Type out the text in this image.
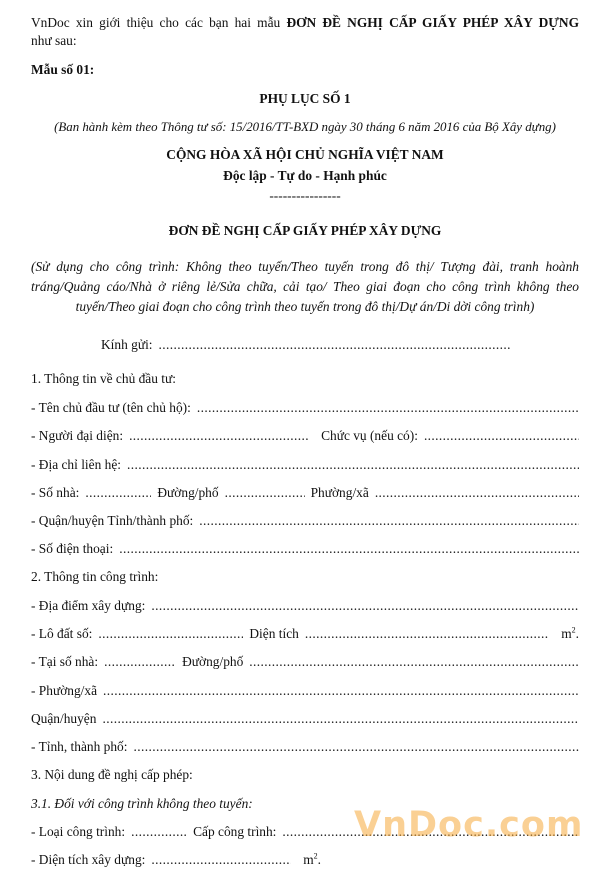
VnDoc xin giới thiệu cho các bạn hai mẫu ĐƠN ĐỀ NGHỊ CẤP GIẤY PHÉP XÂY DỰNG
như sau:
Mẫu số 01:
PHỤ LỤC SỐ 1
(Ban hành kèm theo Thông tư số: 15/2016/TT-BXD ngày 30 tháng 6 năm 2016 của Bộ Xây dựng)
CỘNG HÒA XÃ HỘI CHỦ NGHĨA VIỆT NAM
Độc lập - Tự do - Hạnh phúc
----------------
ĐƠN ĐỀ NGHỊ CẤP GIẤY PHÉP XÂY DỰNG
(Sử dụng cho công trình: Không theo tuyến/Theo tuyến trong đô thị/ Tượng đài, tranh hoành
tráng/Quảng cáo/Nhà ở riêng lẻ/Sửa chữa, cải tạo/ Theo giai đoạn cho công trình không theo
tuyến/Theo giai đoạn cho công trình theo tuyến trong đô thị/Dự án/Di dời công trình)
Kính gửi:
.....
1. Thông tin về chủ đầu tư:
- Tên chủ đầu tư (tên chủ hộ):
.....
- Người đại diện: .....	Chức vụ (nếu có):
.....
- Địa chỉ liên hệ:
.....
- Số nhà: .....	Đường/phố .....	Phường/xã
.....
- Quận/huyện Tỉnh/thành phố:
.....
- Số điện thoại:
.....
2. Thông tin công trình:
- Địa điểm xây dựng:
.....
- Lô đất số: .....	Diện tích .....	$m^2$.
- Tại số nhà: .....	Đường/phố
.....
- Phường/xã
.....
Quận/huyện
.....
- Tỉnh, thành phố:
.....
3. Nội dung đề nghị cấp phép:
3.1. Đối với công trình không theo tuyến:
- Loại công trình: .....	Cấp công trình:
.....
- Diện tích xây dựng: .....	$m^2$.
VnDoc.com
